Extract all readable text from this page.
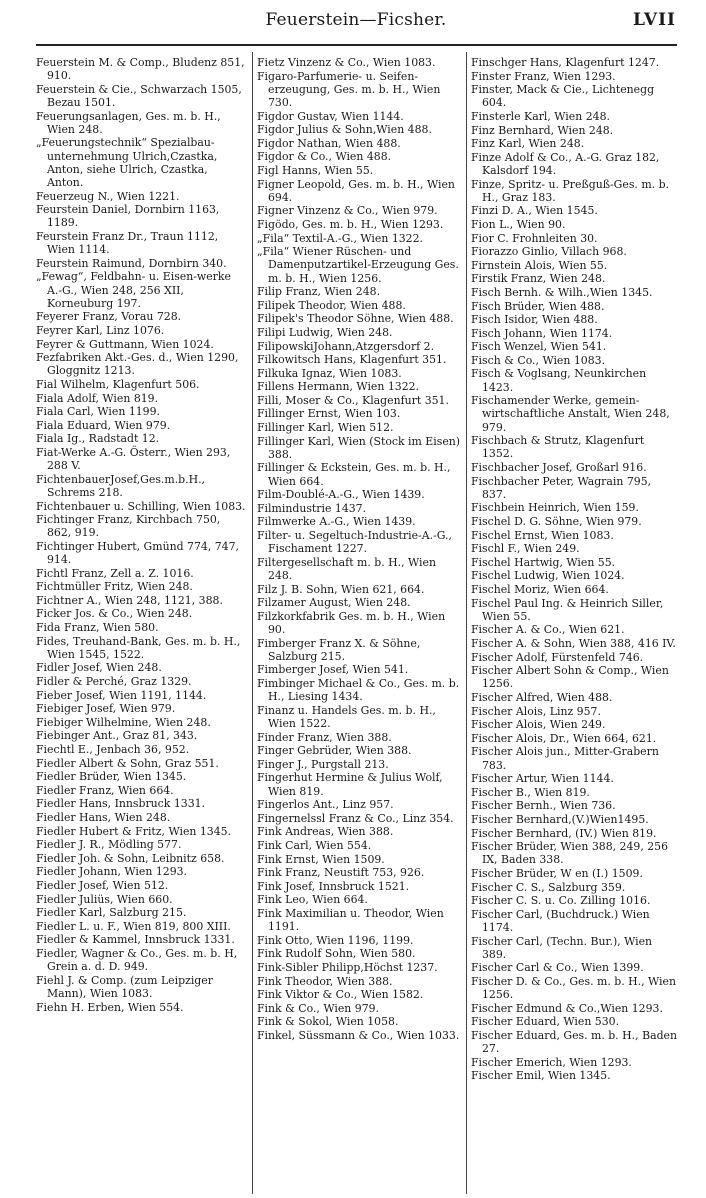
Feuerstein—Ficsher.	LVII

Feuerstein M. & Comp., Bludenz 851, 910.

Feuerstein & Cie., Schwarzach 1505, Bezau 1501.

Feuerungsanlagen, Ges. m. b. H., Wien 248.

„Feuerungstechnik“ Spezialbau-unternehmung Ulrich,Czastka, Anton, siehe Ulrich, Czastka, Anton.

Feuerzeug N., Wien 1221.

Feurstein Daniel, Dornbirn 1163, 1189.

Feurstein Franz Dr., Traun 1112, Wien 1114.

Feurstein Raimund, Dornbirn 340.

„Fewag“, Feldbahn- u. Eisen-werke A.-G., Wien 248, 256 XII, Korneuburg 197.

Feyerer Franz, Vorau 728.

Feyrer Karl, Linz 1076.

Feyrer & Guttmann, Wien 1024.

Fezfabriken Akt.-Ges. d., Wien 1290, Gloggnitz 1213.

Fial Wilhelm, Klagenfurt 506.

Fiala Adolf, Wien 819.

Fiala Carl, Wien 1199.

Fiala Eduard, Wien 979.

Fiala Ig., Radstadt 12.

Fiat-Werke A.-G. Österr., Wien 293, 288 V.

FichtenbauerJosef,Ges.m.b.H., Schrems 218.

Fichtenbauer u. Schilling, Wien 1083.

Fichtinger Franz, Kirchbach 750, 862, 919.

Fichtinger Hubert, Gmünd 774, 747, 914.

Fichtl Franz, Zell a. Z. 1016.

Fichtmüller Fritz, Wien 248.

Fichtner A., Wien 248, 1121, 388.

Ficker Jos. & Co., Wien 248.

Fida Franz, Wien 580.

Fides, Treuhand-Bank, Ges. m. b. H., Wien 1545, 1522.

Fidler Josef, Wien 248.

Fidler & Perché, Graz 1329.

Fieber Josef, Wien 1191, 1144.

Fiebiger Josef, Wien 979.

Fiebiger Wilhelmine, Wien 248.

Fiebinger Ant., Graz 81, 343.

Fiechtl E., Jenbach 36, 952.

Fiedler Albert & Sohn, Graz 551.

Fiedler Brüder, Wien 1345.

Fiedler Franz, Wien 664.

Fiedler Hans, Innsbruck 1331.

Fiedler Hans, Wien 248.

Fiedler Hubert & Fritz, Wien 1345.

Fiedler J. R., Mödling 577.

Fiedler Joh. & Sohn, Leibnitz 658.

Fiedler Johann, Wien 1293.

Fiedler Josef, Wien 512.

Fiedler Juliüs, Wien 660.

Fiedler Karl, Salzburg 215.

Fiedler L. u. F., Wien 819, 800 XIII.

Fiedler & Kammel, Innsbruck 1331.

Fiedler, Wagner & Co., Ges. m. b. H, Grein a. d. D. 949.

Fiehl J. & Comp. (zum Leipziger Mann), Wien 1083.

Fiehn H. Erben, Wien 554.

Fietz Vinzenz & Co., Wien 1083.

Figaro-Parfumerie- u. Seifen-erzeugung, Ges. m. b. H., Wien 730.

Figdor Gustav, Wien 1144.

Figdor Julius & Sohn,Wien 488.

Figdor Nathan, Wien 488.

Figdor & Co., Wien 488.

Figl Hanns, Wien 55.

Figner Leopold, Ges. m. b. H., Wien 694.

Figner Vinzenz & Co., Wien 979.

Figödo, Ges. m. b. H., Wien 1293.

„Fila“ Textil-A.-G., Wien 1322.

„Fila“ Wiener Rüschen- und Damenputzartikel-Erzeugung Ges. m. b. H., Wien 1256.

Filip Franz, Wien 248.

Filipek Theodor, Wien 488.

Filipek's Theodor Söhne, Wien 488.

Filipi Ludwig, Wien 248.

FilipowskiJohann,Atzgersdorf 2.

Filkowitsch Hans, Klagenfurt 351.

Filkuka Ignaz, Wien 1083.

Fillens Hermann, Wien 1322.

Filli, Moser & Co., Klagenfurt 351.

Fillinger Ernst, Wien 103.

Fillinger Karl, Wien 512.

Fillinger Karl, Wien (Stock im Eisen) 388.

Fillinger & Eckstein, Ges. m. b. H., Wien 664.

Film-Doublé-A.-G., Wien 1439.

Filmindustrie 1437.

Filmwerke A.-G., Wien 1439.

Filter- u. Segeltuch-Industrie-A.-G., Fischament 1227.

Filtergesellschaft m. b. H., Wien 248.

Filz J. B. Sohn, Wien 621, 664.

Filzamer August, Wien 248.

Filzkorkfabrik Ges. m. b. H., Wien 90.

Fimberger Franz X. & Söhne, Salzburg 215.

Fimberger Josef, Wien 541.

Fimbinger Michael & Co., Ges. m. b. H., Liesing 1434.

Finanz u. Handels Ges. m. b. H., Wien 1522.

Finder Franz, Wien 388.

Finger Gebrüder, Wien 388.

Finger J., Purgstall 213.

Fingerhut Hermine & Julius Wolf, Wien 819.

Fingerlos Ant., Linz 957.

Fingernelssl Franz & Co., Linz 354.

Fink Andreas, Wien 388.

Fink Carl, Wien 554.

Fink Ernst, Wien 1509.

Fink Franz, Neustift 753, 926.

Fink Josef, Innsbruck 1521.

Fink Leo, Wien 664.

Fink Maximilian u. Theodor, Wien 1191.

Fink Otto, Wien 1196, 1199.

Fink Rudolf Sohn, Wien 580.

Fink-Sibler Philipp,Höchst 1237.

Fink Theodor, Wien 388.

Fink Viktor & Co., Wien 1582.

Fink & Co., Wien 979.

Fink & Sokol, Wien 1058.

Finkel, Süssmann & Co., Wien 1033.

Finschger Hans, Klagenfurt 1247.

Finster Franz, Wien 1293.

Finster, Mack & Cie., Lichtenegg 604.

Finsterle Karl, Wien 248.

Finz Bernhard, Wien 248.

Finz Karl, Wien 248.

Finze Adolf & Co., A.-G. Graz 182, Kalsdorf 194.

Finze, Spritz- u. Preßguß-Ges. m. b. H., Graz 183.

Finzi D. A., Wien 1545.

Fion L., Wien 90.

Fior C. Frohnleiten 30.

Fiorazzo Ginlio, Villach 968.

Firnstein Alois, Wien 55.

Firstik Franz, Wien 248.

Fisch Bernh. & Wilh.,Wien 1345.

Fisch Brüder, Wien 488.

Fisch Isidor, Wien 488.

Fisch Johann, Wien 1174.

Fisch Wenzel, Wien 541.

Fisch & Co., Wien 1083.

Fisch & Voglsang, Neunkirchen 1423.

Fischamender Werke, gemein-wirtschaftliche Anstalt, Wien 248, 979.

Fischbach & Strutz, Klagenfurt 1352.

Fischbacher Josef, Großarl 916.

Fischbacher Peter, Wagrain 795, 837.

Fischbein Heinrich, Wien 159.

Fischel D. G. Söhne, Wien 979.

Fischel Ernst, Wien 1083.

Fischl F., Wien 249.

Fischel Hartwig, Wien 55.

Fischel Ludwig, Wien 1024.

Fischel Moriz, Wien 664.

Fischel Paul Ing. & Heinrich Siller, Wien 55.

Fischer A. & Co., Wien 621.

Fischer A. & Sohn, Wien 388, 416 IV.

Fischer Adolf, Fürstenfeld 746.

Fischer Albert Sohn & Comp., Wien 1256.

Fischer Alfred, Wien 488.

Fischer Alois, Linz 957.

Fischer Alois, Wien 249.

Fischer Alois, Dr., Wien 664, 621.

Fischer Alois jun., Mitter-Grabern 783.

Fischer Artur, Wien 1144.

Fischer B., Wien 819.

Fischer Bernh., Wien 736.

Fischer Bernhard,(V.)Wien1495.

Fischer Bernhard, (IV.) Wien 819.

Fischer Brüder, Wien 388, 249, 256 IX, Baden 338.

Fischer Brüder, W en (I.) 1509.

Fischer C. S., Salzburg 359.

Fischer C. S. u. Co. Zilling 1016.

Fischer Carl, (Buchdruck.) Wien 1174.

Fischer Carl, (Techn. Bur.), Wien 389.

Fischer Carl & Co., Wien 1399.

Fischer D. & Co., Ges. m. b. H., Wien 1256.

Fischer Edmund & Co.,Wien 1293.

Fischer Eduard, Wien 530.

Fischer Eduard, Ges. m. b. H., Baden 27.

Fischer Emerich, Wien 1293.

Fischer Emil, Wien 1345.
